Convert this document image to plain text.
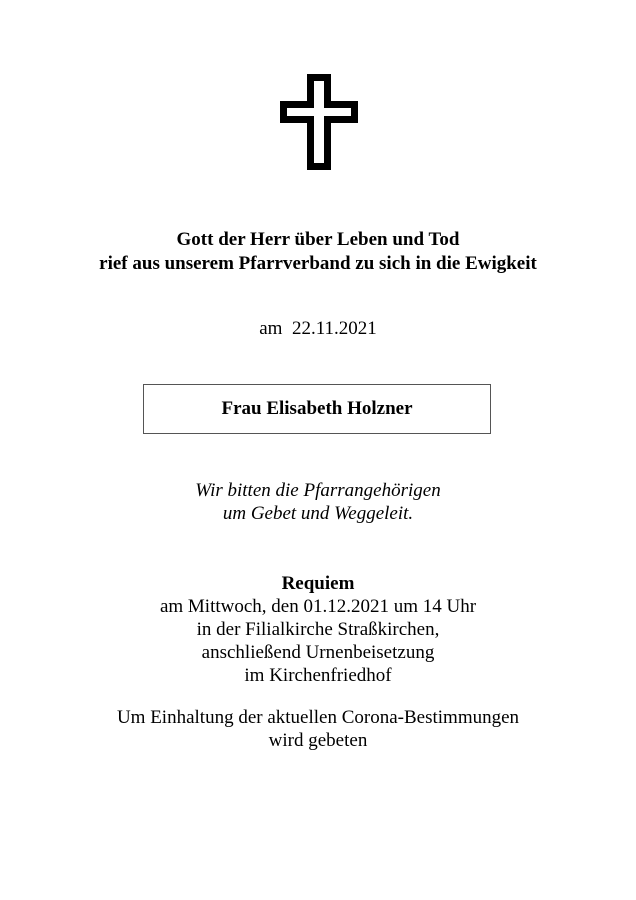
Gott der Herr über Leben und Tod
rief aus unserem Pfarrverband zu sich in die Ewigkeit
am  22.11.2021
Frau Elisabeth Holzner
Wir bitten die Pfarrangehörigen
um Gebet und Weggeleit.
Requiem
am Mittwoch, den 01.12.2021 um 14 Uhr
in der Filialkirche Straßkirchen,
anschließend Urnenbeisetzung
im Kirchenfriedhof
Um Einhaltung der aktuellen Corona-Bestimmungen
wird gebeten
